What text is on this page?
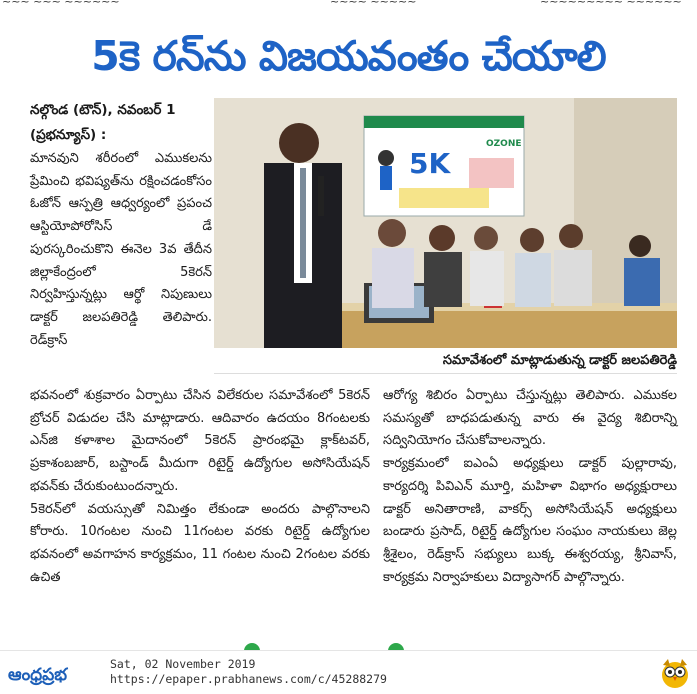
~~~ ~~~ ~~~~~~	~~~~ ~~~~~	~~~~~~~~~ ~~~~~~
5కె రన్‌ను విజయవంతం చేయాలి
నల్గొండ (టౌన్), నవంబర్ 1 (ప్రభన్యూస్) :

మానవుని శరీరంలో ఎముకలను ప్రేమించి భవిష్యత్‌ను రక్షించడంకోసం ఓజోన్ ఆస్పత్రి ఆధ్వర్యంలో ప్రపంచ ఆస్టియోపోరోసిస్ డే పురస్కరించుకొని ఈనెల 3వ తేదీన జిల్లాకేంద్రంలో 5కెరన్ నిర్వహిస్తున్నట్లు ఆర్థో నిపుణులు డాక్టర్ జలపతిరెడ్డి తెలిపారు. రెడ్‌క్రాస్

5K
OZONE
సమావేశంలో మాట్లాడుతున్న డాక్టర్ జలపతిరెడ్డి

భవనంలో శుక్రవారం ఏర్పాటు చేసిన విలేకరుల సమావేశంలో 5కెరన్ బ్రోచర్ విడుదల చేసి మాట్లాడారు. ఆదివారం ఉదయం 8గంటలకు ఎన్‌జి కళాశాల మైదానంలో 5కెరన్ ప్రారంభమై క్లాక్‌టవర్, ప్రకాశంబజార్, బస్టాండ్ మీదుగా రిటైర్డ్ ఉద్యోగుల అసోసియేషన్ భవన్‌కు చేరుకుంటుందన్నారు.

5కెరన్‌లో వయస్సుతో నిమిత్తం లేకుండా అందరు పాల్గొనాలని కోరారు. 10గంటల నుంచి 11గంటల వరకు రిటైర్డ్ ఉద్యోగుల భవనంలో అవగాహన కార్యక్రమం, 11 గంటల నుంచి 2గంటల వరకు ఉచిత

ఆరోగ్య శిబిరం ఏర్పాటు చేస్తున్నట్లు తెలిపారు. ఎముకల సమస్యతో బాధపడుతున్న వారు ఈ వైద్య శిబిరాన్ని సద్వినియోగం చేసుకోవాలన్నారు.

కార్యక్రమంలో ఐఎంఏ అధ్యక్షులు డాక్టర్ పుల్లారావు, కార్యదర్శి పివిఎన్ మూర్తి, మహిళా విభాగం అధ్యక్షురాలు డాక్టర్ అనితారాణి, వాకర్స్ అసోసియేషన్ అధ్యక్షులు బండారు ప్రసాద్, రిటైర్డ్ ఉద్యోగుల సంఘం నాయకులు జెల్ల శ్రీశైలం, రెడ్‌క్రాస్ సభ్యులు బుక్క ఈశ్వరయ్య, శ్రీనివాస్, కార్యక్రమ నిర్వాహకులు విద్యాసాగర్ పాల్గొన్నారు.

ఆంధ్రప్రభ
Sat, 02 November 2019
https://epaper.prabhanews.com/c/45288279
